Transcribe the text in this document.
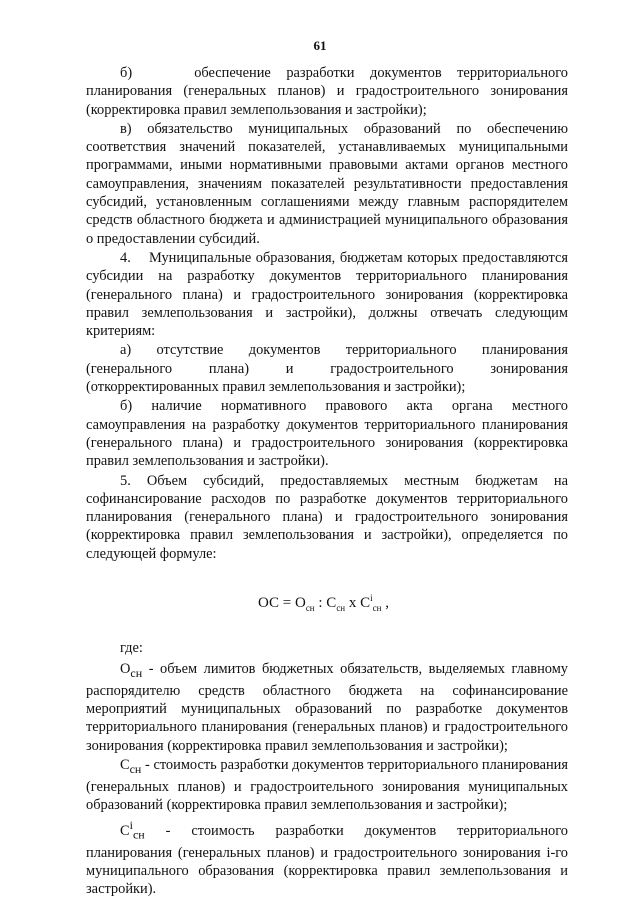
61

б)    обеспечение разработки документов территориального планирования (генеральных планов) и градостроительного зонирования (корректировка правил землепользования и застройки);

в) обязательство муниципальных образований по обеспечению соответствия значений показателей, устанавливаемых муниципальными программами, иными нормативными правовыми актами органов местного самоуправления, значениям показателей результативности предоставления субсидий, установленным соглашениями между главным распорядителем средств областного бюджета и администрацией муниципального образования о предоставлении субсидий.

4.    Муниципальные образования, бюджетам которых предоставляются субсидии на разработку документов территориального планирования (генерального плана) и градостроительного зонирования (корректировка правил землепользования и застройки), должны отвечать следующим критериям:

а) отсутствие документов территориального планирования (генерального плана) и градостроительного зонирования (откорректированных правил землепользования и застройки);

б) наличие нормативного правового акта органа местного самоуправления на разработку документов территориального планирования (генерального плана) и градостроительного зонирования (корректировка правил землепользования и застройки).

5. Объем субсидий, предоставляемых местным бюджетам на софинансирование расходов по разработке документов территориального планирования (генерального плана) и градостроительного зонирования (корректировка правил землепользования и застройки), определяется по следующей формуле:

ОС = $О_{сн}$ : $С_{сн}$ х $С^i_{сн}$ ,

где:

$О_{сн}$ - объем лимитов бюджетных обязательств, выделяемых главному распорядителю средств областного бюджета на софинансирование мероприятий муниципальных образований по разработке документов территориального планирования (генеральных планов) и градостроительного зонирования (корректировка правил землепользования и застройки);

$С_{сн}$ - стоимость разработки документов территориального планирования (генеральных планов) и градостроительного зонирования муниципальных образований (корректировка правил землепользования и застройки);

$С^i_{сн}$ - стоимость разработки документов территориального планирования (генеральных планов) и градостроительного зонирования i-го муниципального образования (корректировка правил землепользования и застройки).
